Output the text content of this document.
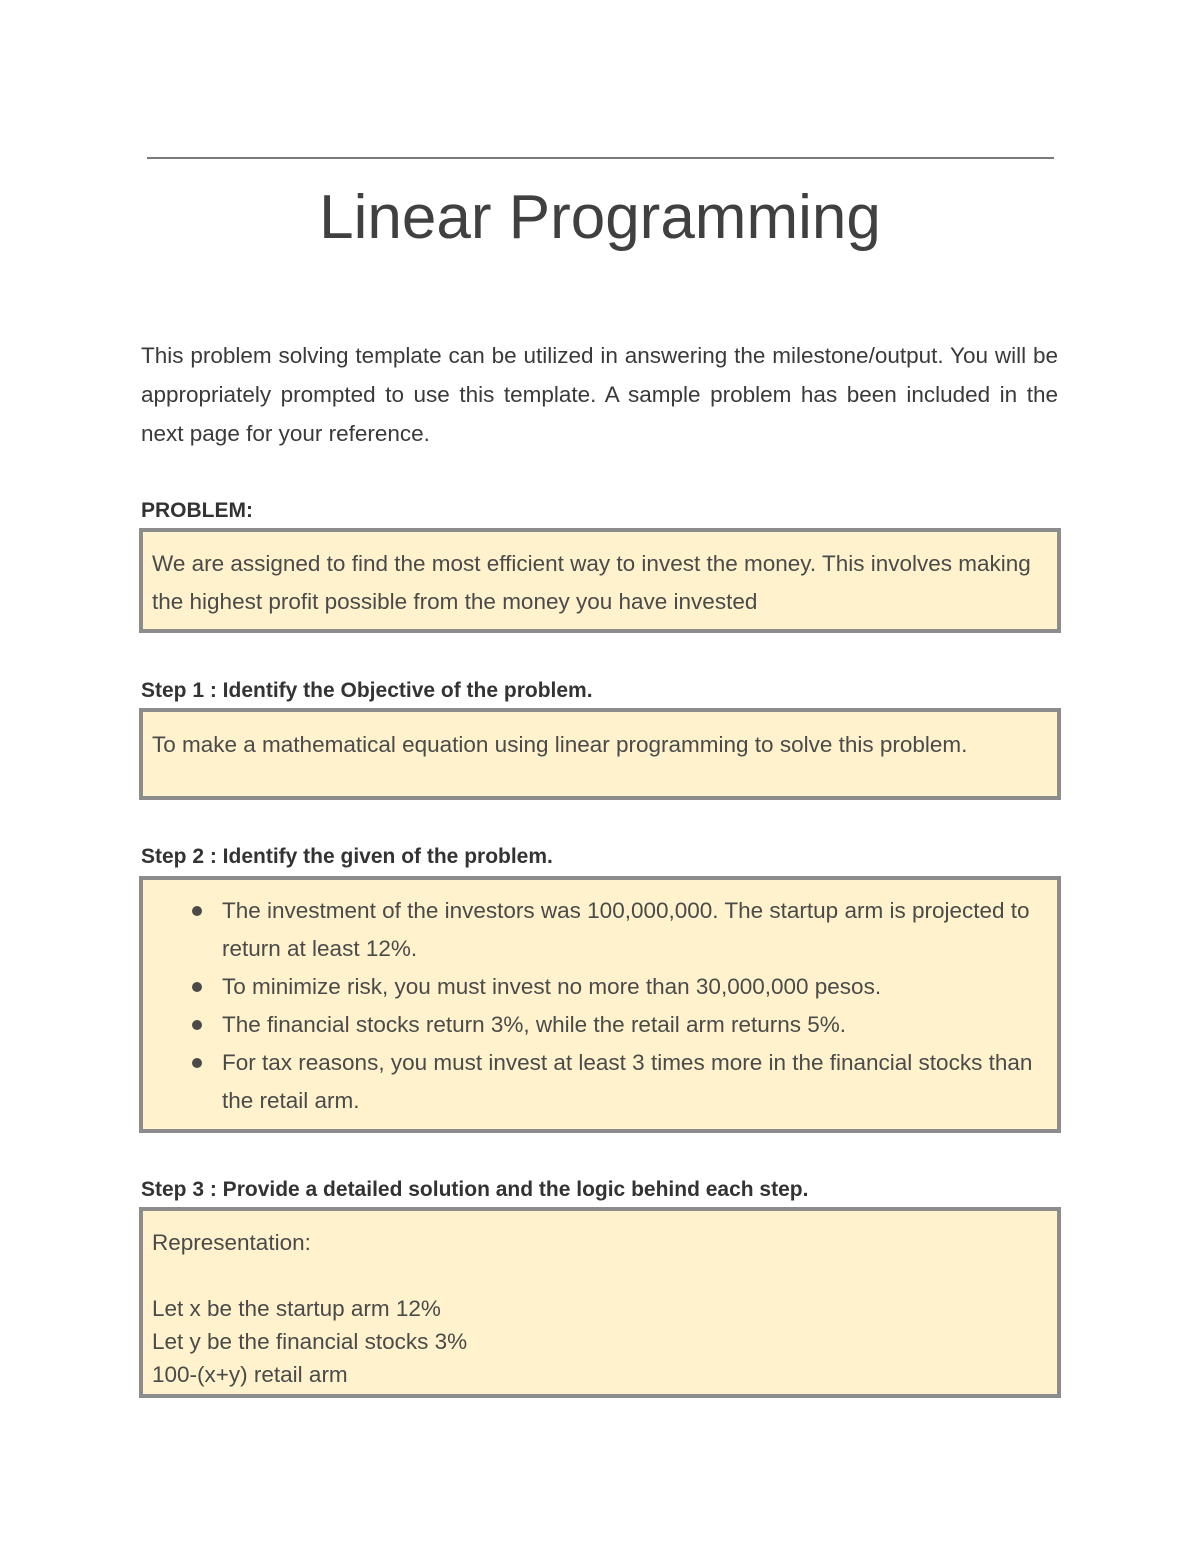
Linear Programming
This problem solving template can be utilized in answering the milestone/output. You will be appropriately prompted to use this template. A sample problem has been included in the next page for your reference.
PROBLEM:
We are assigned to find the most efficient way to invest the money. This involves making the highest profit possible from the money you have invested
Step 1 : Identify the Objective of the problem.
To make a mathematical equation using linear programming to solve this problem.
Step 2 : Identify the given of the problem.
The investment of the investors was 100,000,000. The startup arm is projected to return at least 12%.
To minimize risk, you must invest no more than 30,000,000 pesos.
The financial stocks return 3%, while the retail arm returns 5%.
For tax reasons, you must invest at least 3 times more in the financial stocks than the retail arm.
Step 3 : Provide a detailed solution and the logic behind each step.
Representation:
Let x be the startup arm 12%
Let y be the financial stocks 3%
100-(x+y) retail arm
